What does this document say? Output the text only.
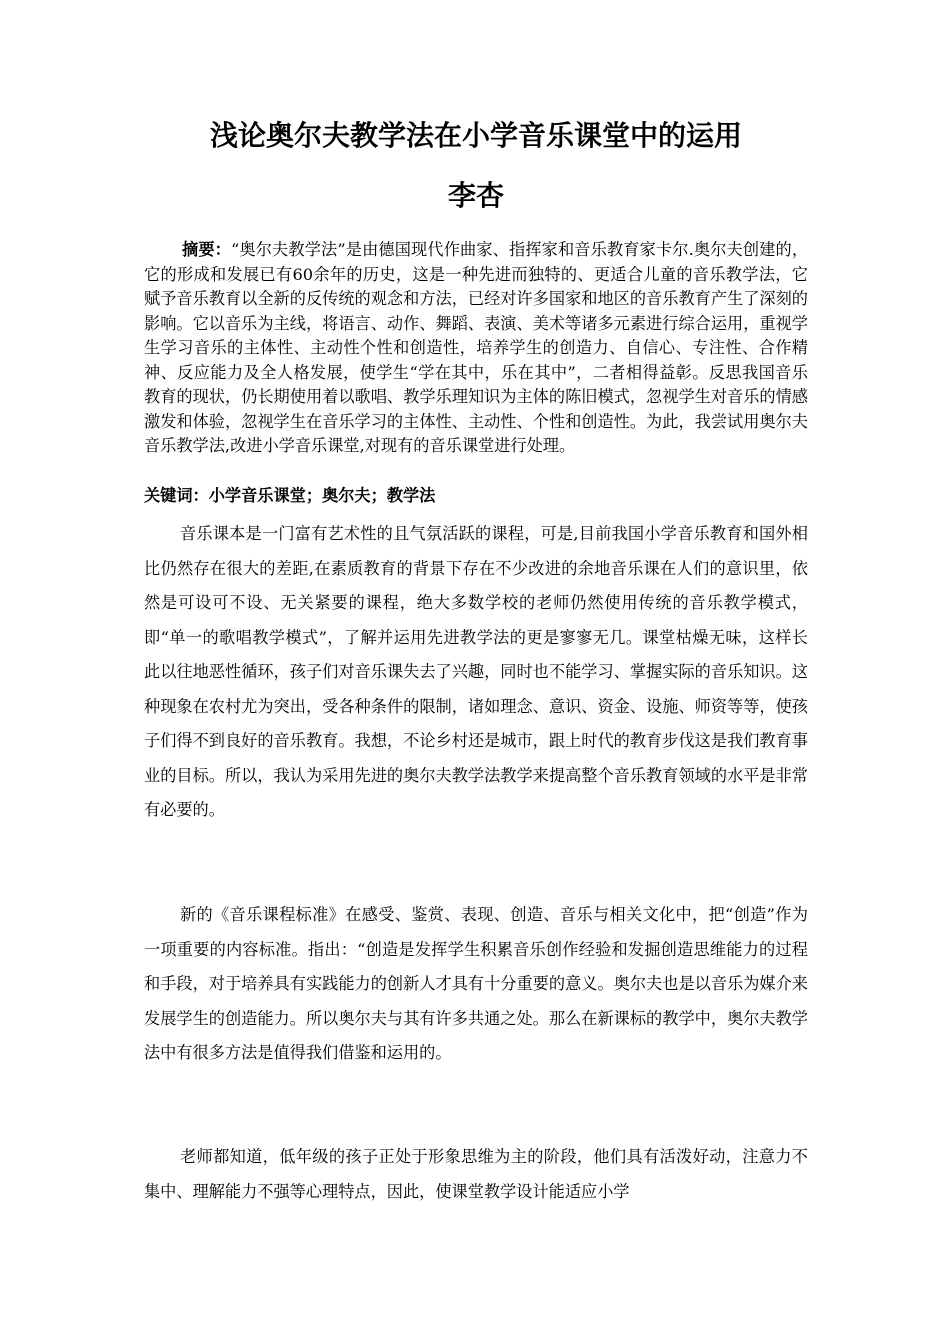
浅论奥尔夫教学法在小学音乐课堂中的运用
李杏

摘要：“奥尔夫教学法”是由德国现代作曲家、指挥家和音乐教育家卡尔.奥尔夫创建的，它的形成和发展已有60余年的历史，这是一种先进而独特的、更适合儿童的音乐教学法，它赋予音乐教育以全新的反传统的观念和方法，已经对许多国家和地区的音乐教育产生了深刻的影响。它以音乐为主线，将语言、动作、舞蹈、表演、美术等诸多元素进行综合运用，重视学生学习音乐的主体性、主动性个性和创造性，培养学生的创造力、自信心、专注性、合作精神、反应能力及全人格发展，使学生“学在其中，乐在其中”，二者相得益彰。反思我国音乐教育的现状，仍长期使用着以歌唱、教学乐理知识为主体的陈旧模式，忽视学生对音乐的情感激发和体验，忽视学生在音乐学习的主体性、主动性、个性和创造性。为此，我尝试用奥尔夫音乐教学法,改进小学音乐课堂,对现有的音乐课堂进行处理。

关键词：小学音乐课堂；奥尔夫；教学法

音乐课本是一门富有艺术性的且气氛活跃的课程，可是,目前我国小学音乐教育和国外相比仍然存在很大的差距,在素质教育的背景下存在不少改进的余地音乐课在人们的意识里，依然是可设可不设、无关紧要的课程，绝大多数学校的老师仍然使用传统的音乐教学模式，即“单一的歌唱教学模式”，了解并运用先进教学法的更是寥寥无几。课堂枯燥无味，这样长此以往地恶性循环，孩子们对音乐课失去了兴趣，同时也不能学习、掌握实际的音乐知识。这种现象在农村尤为突出，受各种条件的限制，诸如理念、意识、资金、设施、师资等等，使孩子们得不到良好的音乐教育。我想，不论乡村还是城市，跟上时代的教育步伐这是我们教育事业的目标。所以，我认为采用先进的奥尔夫教学法教学来提高整个音乐教育领域的水平是非常有必要的。

新的《音乐课程标准》在感受、鉴赏、表现、创造、音乐与相关文化中，把“创造”作为一项重要的内容标准。指出：“创造是发挥学生积累音乐创作经验和发掘创造思维能力的过程和手段，对于培养具有实践能力的创新人才具有十分重要的意义。奥尔夫也是以音乐为媒介来发展学生的创造能力。所以奥尔夫与其有许多共通之处。那么在新课标的教学中，奥尔夫教学法中有很多方法是值得我们借鉴和运用的。

老师都知道，低年级的孩子正处于形象思维为主的阶段，他们具有活泼好动，注意力不集中、理解能力不强等心理特点，因此，使课堂教学设计能适应小学
